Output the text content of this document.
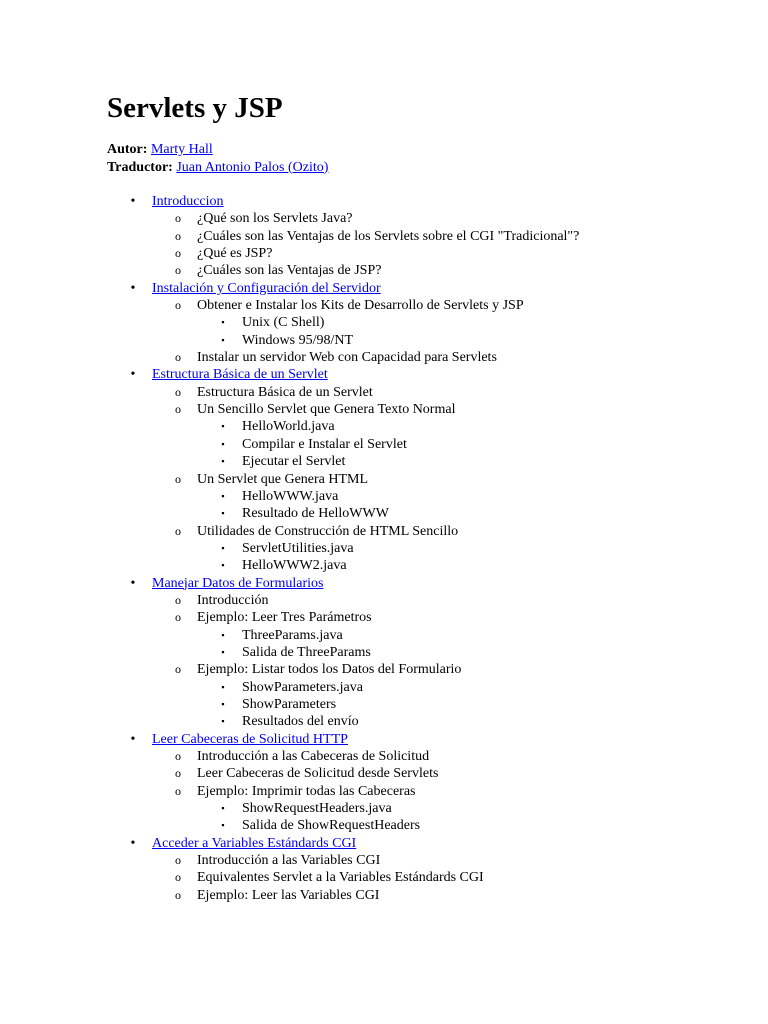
Servlets y JSP
Autor: Marty Hall
Traductor: Juan Antonio Palos (Ozito)
• Introduccion
o ¿Qué son los Servlets Java?
o ¿Cuáles son las Ventajas de los Servlets sobre el CGI "Tradicional"?
o ¿Qué es JSP?
o ¿Cuáles son las Ventajas de JSP?
• Instalación y Configuración del Servidor
o Obtener e Instalar los Kits de Desarrollo de Servlets y JSP
▪	Unix (C Shell)
▪	Windows 95/98/NT
o Instalar un servidor Web con Capacidad para Servlets
• Estructura Básica de un Servlet
o Estructura Básica de un Servlet
o Un Sencillo Servlet que Genera Texto Normal
▪	HelloWorld.java
▪	Compilar e Instalar el Servlet
▪	Ejecutar el Servlet
o Un Servlet que Genera HTML
▪	HelloWWW.java
▪	Resultado de HelloWWW
o Utilidades de Construcción de HTML Sencillo
▪	ServletUtilities.java
▪	HelloWWW2.java
• Manejar Datos de Formularios
o Introducción
o Ejemplo: Leer Tres Parámetros
▪	ThreeParams.java
▪	Salida de ThreeParams
o Ejemplo: Listar todos los Datos del Formulario
▪	ShowParameters.java
▪	ShowParameters
▪	Resultados del envío
• Leer Cabeceras de Solicitud HTTP
o Introducción a las Cabeceras de Solicitud
o Leer Cabeceras de Solicitud desde Servlets
o Ejemplo: Imprimir todas las Cabeceras
▪	ShowRequestHeaders.java
▪	Salida de ShowRequestHeaders
• Acceder a Variables Estándards CGI
o Introducción a las Variables CGI
o Equivalentes Servlet a la Variables Estándards CGI
o Ejemplo: Leer las Variables CGI
